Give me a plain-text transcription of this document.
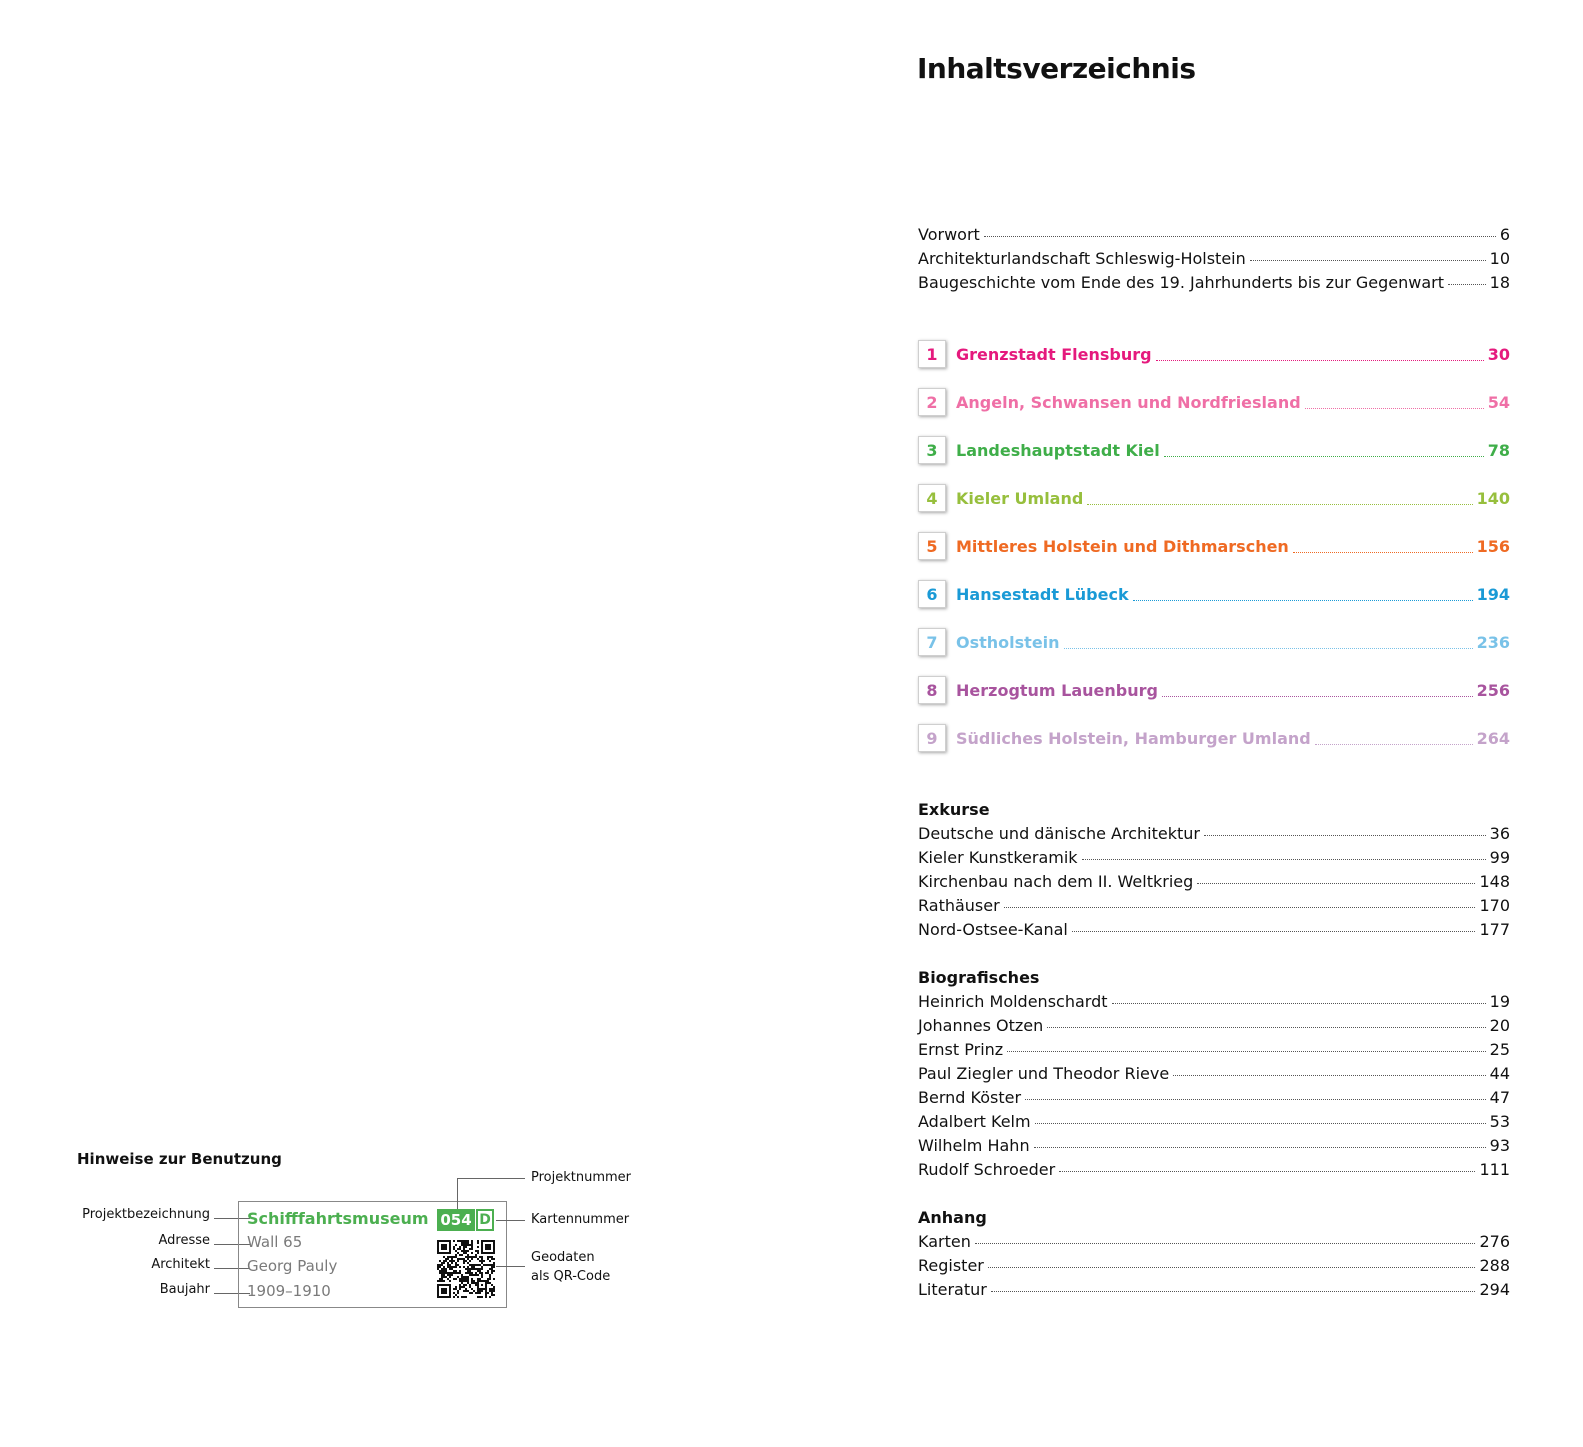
Inhaltsverzeichnis
Vorwort	6
Architekturlandschaft Schleswig-Holstein	10
Baugeschichte vom Ende des 19. Jahrhunderts bis zur Gegenwart	18
1	Grenzstadt Flensburg	30
2	Angeln, Schwansen und Nordfriesland	54
3	Landeshauptstadt Kiel	78
4	Kieler Umland	140
5	Mittleres Holstein und Dithmarschen	156
6	Hansestadt Lübeck	194
7	Ostholstein	236
8	Herzogtum Lauenburg	256
9	Südliches Holstein, Hamburger Umland	264
Exkurse
Deutsche und dänische Architektur	36
Kieler Kunstkeramik	99
Kirchenbau nach dem II. Weltkrieg	148
Rathäuser	170
Nord-Ostsee-Kanal	177
Biografisches
Heinrich Moldenschardt	19
Johannes Otzen	20
Ernst Prinz	25
Paul Ziegler und Theodor Rieve	44
Bernd Köster	47
Adalbert Kelm	53
Wilhelm Hahn	93
Rudolf Schroeder	111
Anhang
Karten	276
Register	288
Literatur	294
Hinweise zur Benutzung
Projektbezeichnung
Adresse
Architekt
Baujahr
Schifffahrtsmuseum
Wall 65
Georg Pauly
1909–1910
054 D
Projektnummer
Kartennummer
Geodaten
als QR-Code
